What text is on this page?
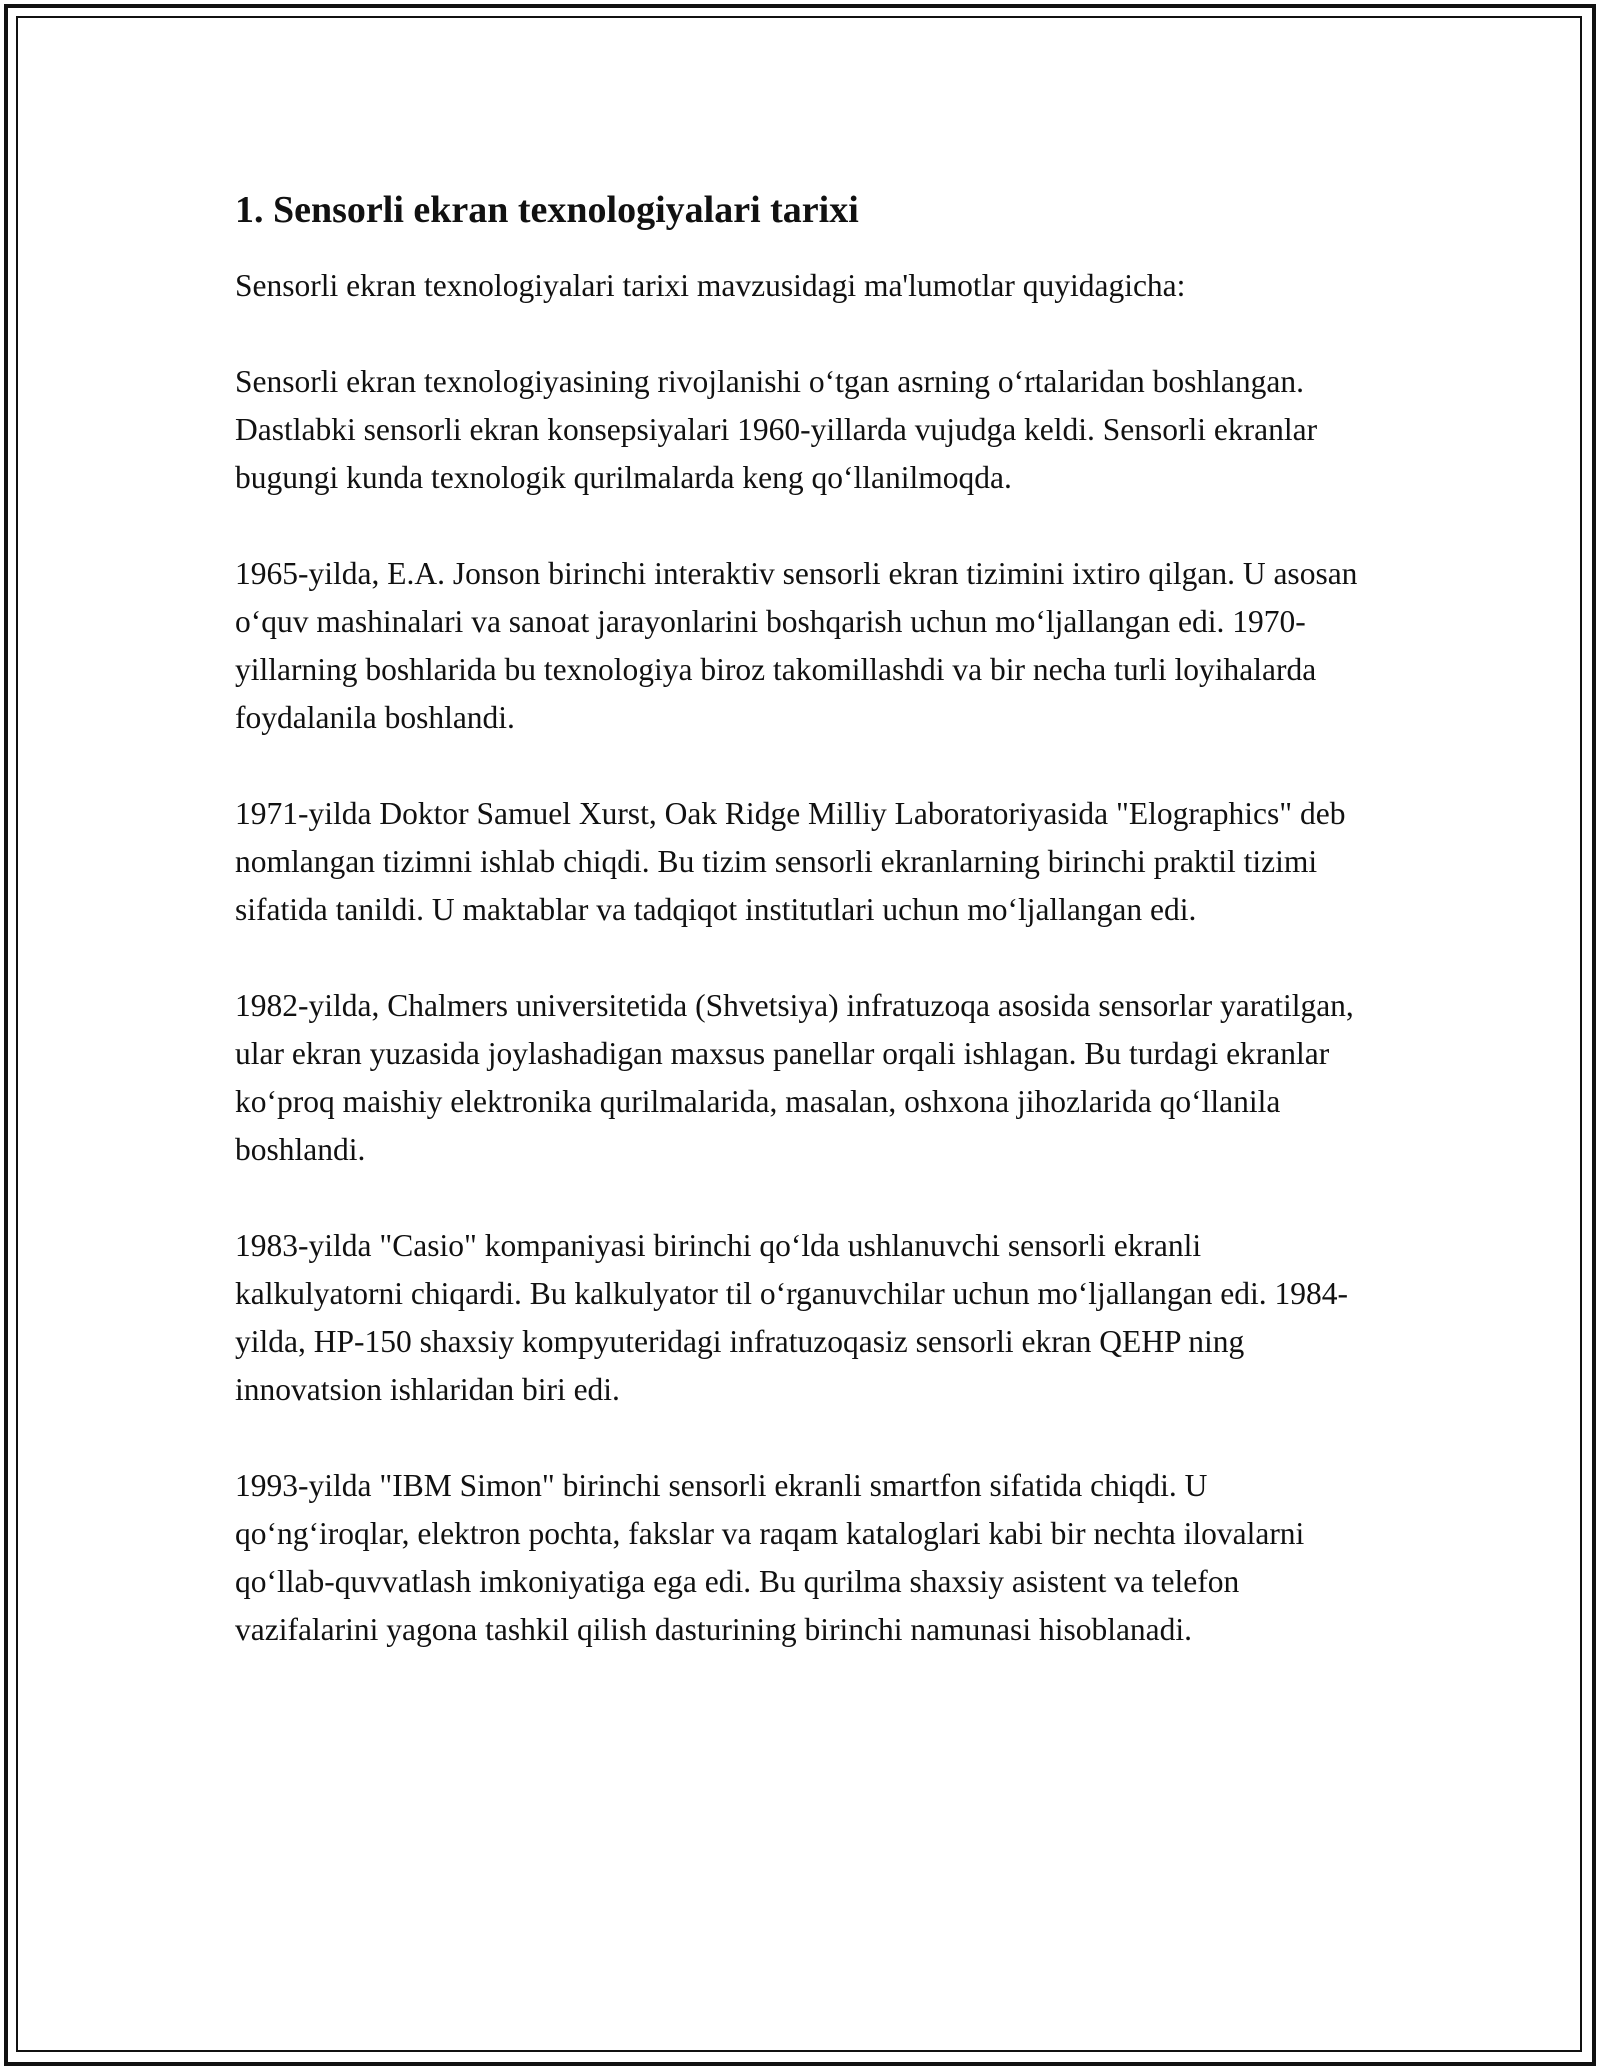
1. Sensorli ekran texnologiyalari tarixi

Sensorli ekran texnologiyalari tarixi mavzusidagi ma'lumotlar quyidagicha:

Sensorli ekran texnologiyasining rivojlanishi o‘tgan asrning o‘rtalaridan boshlangan. Dastlabki sensorli ekran konsepsiyalari 1960-yillarda vujudga keldi. Sensorli ekranlar bugungi kunda texnologik qurilmalarda keng qo‘llanilmoqda.

1965-yilda, E.A. Jonson birinchi interaktiv sensorli ekran tizimini ixtiro qilgan. U asosan o‘quv mashinalari va sanoat jarayonlarini boshqarish uchun mo‘ljallangan edi. 1970-yillarning boshlarida bu texnologiya biroz takomillashdi va bir necha turli loyihalarda foydalanila boshlandi.

1971-yilda Doktor Samuel Xurst, Oak Ridge Milliy Laboratoriyasida "Elographics" deb nomlangan tizimni ishlab chiqdi. Bu tizim sensorli ekranlarning birinchi praktil tizimi sifatida tanildi. U maktablar va tadqiqot institutlari uchun mo‘ljallangan edi.

1982-yilda, Chalmers universitetida (Shvetsiya) infratuzoqa asosida sensorlar yaratilgan, ular ekran yuzasida joylashadigan maxsus panellar orqali ishlagan. Bu turdagi ekranlar ko‘proq maishiy elektronika qurilmalarida, masalan, oshxona jihozlarida qo‘llanila boshlandi.

1983-yilda "Casio" kompaniyasi birinchi qo‘lda ushlanuvchi sensorli ekranli kalkulyatorni chiqardi. Bu kalkulyator til o‘rganuvchilar uchun mo‘ljallangan edi. 1984-yilda, HP-150 shaxsiy kompyuteridagi infratuzoqasiz sensorli ekran QEHP ning innovatsion ishlaridan biri edi.

1993-yilda "IBM Simon" birinchi sensorli ekranli smartfon sifatida chiqdi. U qo‘ng‘iroqlar, elektron pochta, fakslar va raqam kataloglari kabi bir nechta ilovalarni qo‘llab-quvvatlash imkoniyatiga ega edi. Bu qurilma shaxsiy asistent va telefon vazifalarini yagona tashkil qilish dasturining birinchi namunasi hisoblanadi.
